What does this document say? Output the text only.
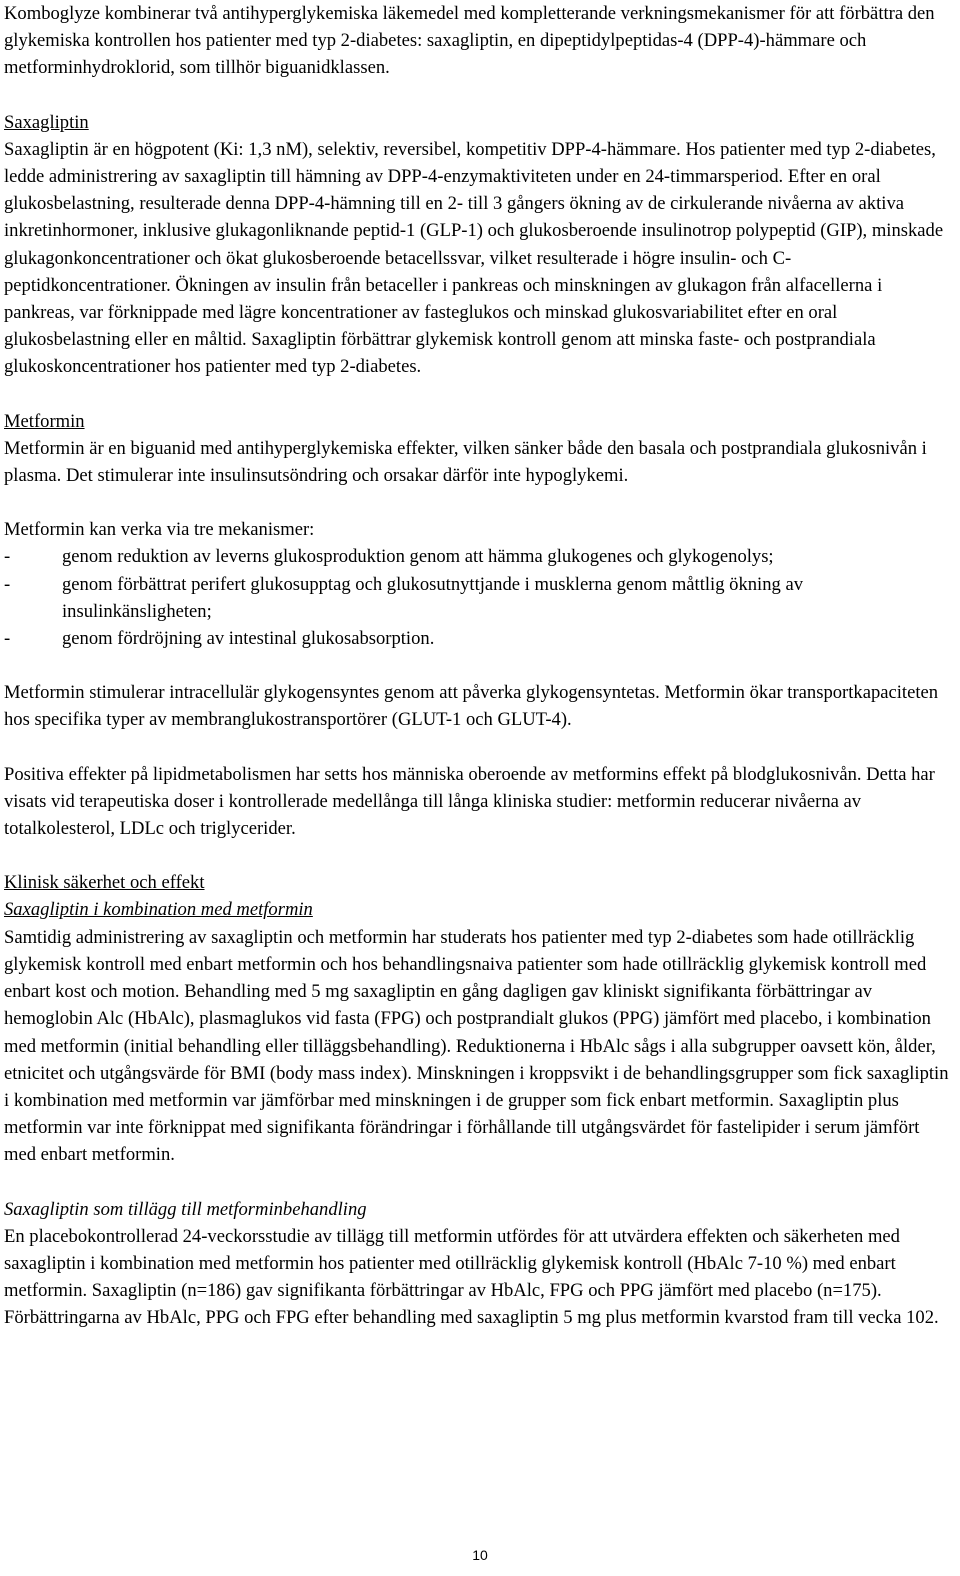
Komboglyze kombinerar två antihyperglykemiska läkemedel med kompletterande verkningsmekanismer för att förbättra den glykemiska kontrollen hos patienter med typ 2-diabetes: saxagliptin, en dipeptidylpeptidas-4 (DPP-4)-hämmare och metforminhydroklorid, som tillhör biguanidklassen.

Saxagliptin

Saxagliptin är en högpotent (Ki: 1,3 nM), selektiv, reversibel, kompetitiv DPP-4-hämmare. Hos patienter med typ 2-diabetes, ledde administrering av saxagliptin till hämning av DPP-4-enzymaktiviteten under en 24-timmarsperiod. Efter en oral glukosbelastning, resulterade denna DPP-4-hämning till en 2- till 3 gångers ökning av de cirkulerande nivåerna av aktiva inkretinhormoner, inklusive glukagonliknande peptid-1 (GLP-1) och glukosberoende insulinotrop polypeptid (GIP), minskade glukagonkoncentrationer och ökat glukosberoende betacellssvar, vilket resulterade i högre insulin- och C-peptidkoncentrationer. Ökningen av insulin från betaceller i pankreas och minskningen av glukagon från alfacellerna i pankreas, var förknippade med lägre koncentrationer av fasteglukos och minskad glukosvariabilitet efter en oral glukosbelastning eller en måltid. Saxagliptin förbättrar glykemisk kontroll genom att minska faste- och postprandiala glukoskoncentrationer hos patienter med typ 2-diabetes.

Metformin

Metformin är en biguanid med antihyperglykemiska effekter, vilken sänker både den basala och postprandiala glukosnivån i plasma. Det stimulerar inte insulinsutsöndring och orsakar därför inte hypoglykemi.

Metformin kan verka via tre mekanismer:

-	genom reduktion av leverns glukosproduktion genom att hämma glukogenes och glykogenolys;
-	genom förbättrat perifert glukosupptag och glukosutnyttjande i musklerna genom måttlig ökning av insulinkänsligheten;
-	genom fördröjning av intestinal glukosabsorption.

Metformin stimulerar intracellulär glykogensyntes genom att påverka glykogensyntetas. Metformin ökar transportkapaciteten hos specifika typer av membranglukostransportörer (GLUT-1 och GLUT-4).

Positiva effekter på lipidmetabolismen har setts hos människa oberoende av metformins effekt på blodglukosnivån. Detta har visats vid terapeutiska doser i kontrollerade medellånga till långa kliniska studier: metformin reducerar nivåerna av totalkolesterol, LDLc och triglycerider.

Klinisk säkerhet och effekt

Saxagliptin i kombination med metformin

Samtidig administrering av saxagliptin och metformin har studerats hos patienter med typ 2-diabetes som hade otillräcklig glykemisk kontroll med enbart metformin och hos behandlingsnaiva patienter som hade otillräcklig glykemisk kontroll med enbart kost och motion. Behandling med 5 mg saxagliptin en gång dagligen gav kliniskt signifikanta förbättringar av hemoglobin Alc (HbAlc), plasmaglukos vid fasta (FPG) och postprandialt glukos (PPG) jämfört med placebo, i kombination med metformin (initial behandling eller tilläggsbehandling). Reduktionerna i HbAlc sågs i alla subgrupper oavsett kön, ålder, etnicitet och utgångsvärde för BMI (body mass index). Minskningen i kroppsvikt i de behandlingsgrupper som fick saxagliptin i kombination med metformin var jämförbar med minskningen i de grupper som fick enbart metformin. Saxagliptin plus metformin var inte förknippat med signifikanta förändringar i förhållande till utgångsvärdet för fastelipider i serum jämfört med enbart metformin.

Saxagliptin som tillägg till metforminbehandling

En placebokontrollerad 24-veckorsstudie av tillägg till metformin utfördes för att utvärdera effekten och säkerheten med saxagliptin i kombination med metformin hos patienter med otillräcklig glykemisk kontroll (HbAlc 7-10 %) med enbart metformin. Saxagliptin (n=186) gav signifikanta förbättringar av HbAlc, FPG och PPG jämfört med placebo (n=175). Förbättringarna av HbAlc, PPG och FPG efter behandling med saxagliptin 5 mg plus metformin kvarstod fram till vecka 102.

10
